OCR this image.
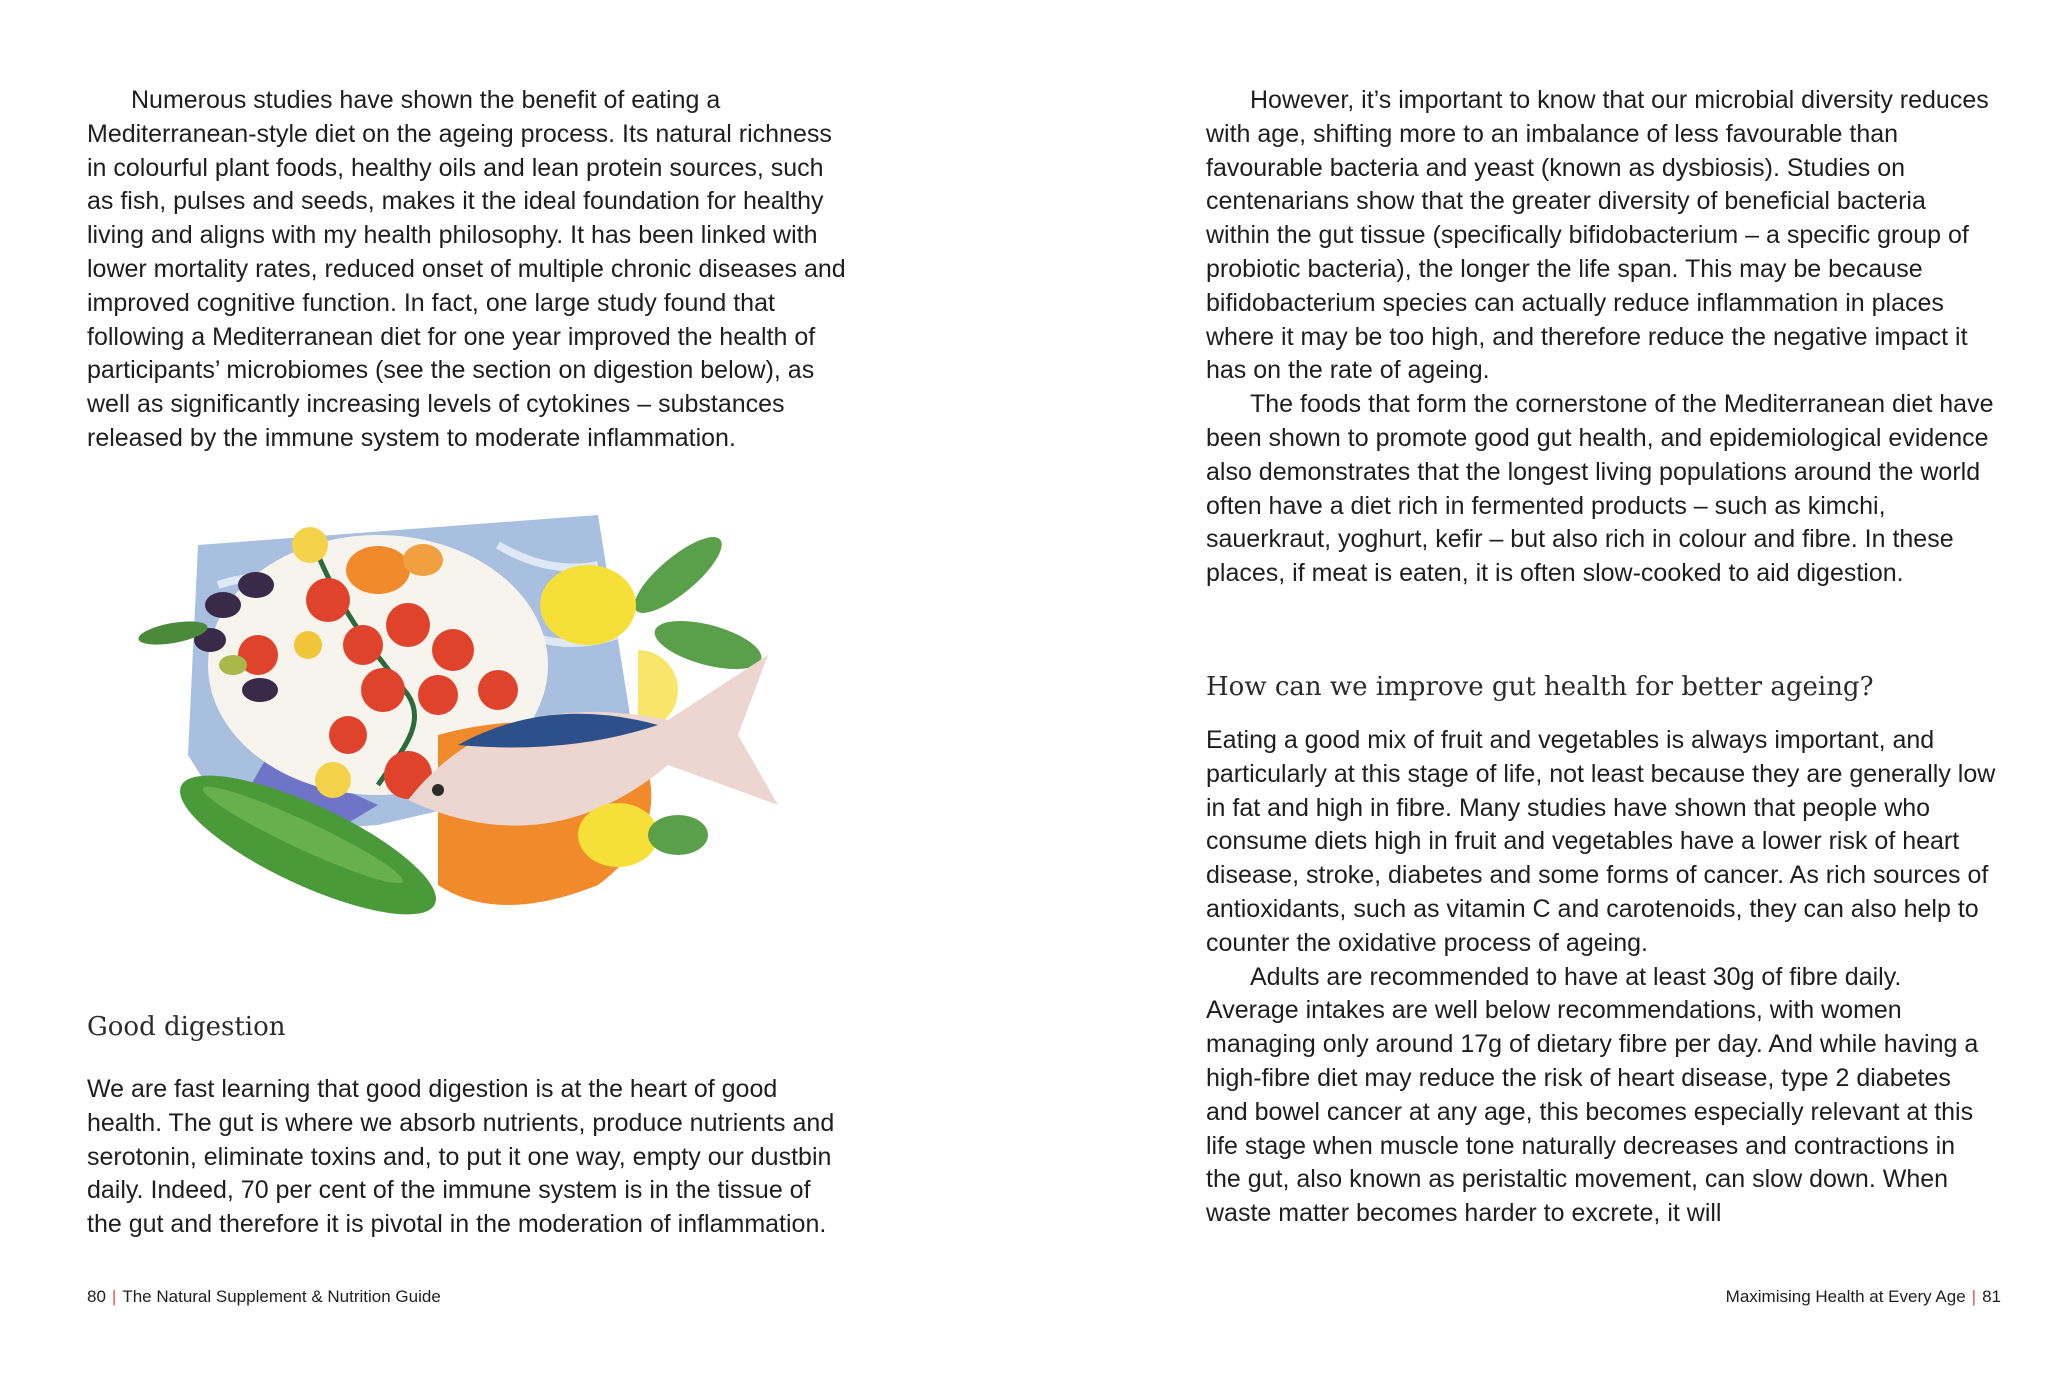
Numerous studies have shown the benefit of eating a Mediterranean-style diet on the ageing process. Its natural richness in colourful plant foods, healthy oils and lean protein sources, such as fish, pulses and seeds, makes it the ideal foundation for healthy living and aligns with my health philosophy. It has been linked with lower mortality rates, reduced onset of multiple chronic diseases and improved cognitive function. In fact, one large study found that following a Mediterranean diet for one year improved the health of participants’ microbiomes (see the section on digestion below), as well as significantly increasing levels of cytokines – substances released by the immune system to moderate inflammation.

Good digestion

We are fast learning that good digestion is at the heart of good health. The gut is where we absorb nutrients, produce nutrients and serotonin, eliminate toxins and, to put it one way, empty our dustbin daily. Indeed, 70 per cent of the immune system is in the tissue of the gut and therefore it is pivotal in the moderation of inflammation.

80 | The Natural Supplement & Nutrition Guide

However, it’s important to know that our microbial diversity reduces with age, shifting more to an imbalance of less favourable than favourable bacteria and yeast (known as dysbiosis). Studies on centenarians show that the greater diversity of beneficial bacteria within the gut tissue (specifically bifidobacterium – a specific group of probiotic bacteria), the longer the life span. This may be because bifidobacterium species can actually reduce inflammation in places where it may be too high, and therefore reduce the negative impact it has on the rate of ageing.

The foods that form the cornerstone of the Mediterranean diet have been shown to promote good gut health, and epidemiological evidence also demonstrates that the longest living populations around the world often have a diet rich in fermented products – such as kimchi, sauerkraut, yoghurt, kefir – but also rich in colour and fibre. In these places, if meat is eaten, it is often slow-cooked to aid digestion.

How can we improve gut health for better ageing?

Eating a good mix of fruit and vegetables is always important, and particularly at this stage of life, not least because they are generally low in fat and high in fibre. Many studies have shown that people who consume diets high in fruit and vegetables have a lower risk of heart disease, stroke, diabetes and some forms of cancer. As rich sources of antioxidants, such as vitamin C and carotenoids, they can also help to counter the oxidative process of ageing.

Adults are recommended to have at least 30g of fibre daily. Average intakes are well below recommendations, with women managing only around 17g of dietary fibre per day. And while having a high-fibre diet may reduce the risk of heart disease, type 2 diabetes and bowel cancer at any age, this becomes especially relevant at this life stage when muscle tone naturally decreases and contractions in the gut, also known as peristaltic movement, can slow down. When waste matter becomes harder to excrete, it will

Maximising Health at Every Age | 81
